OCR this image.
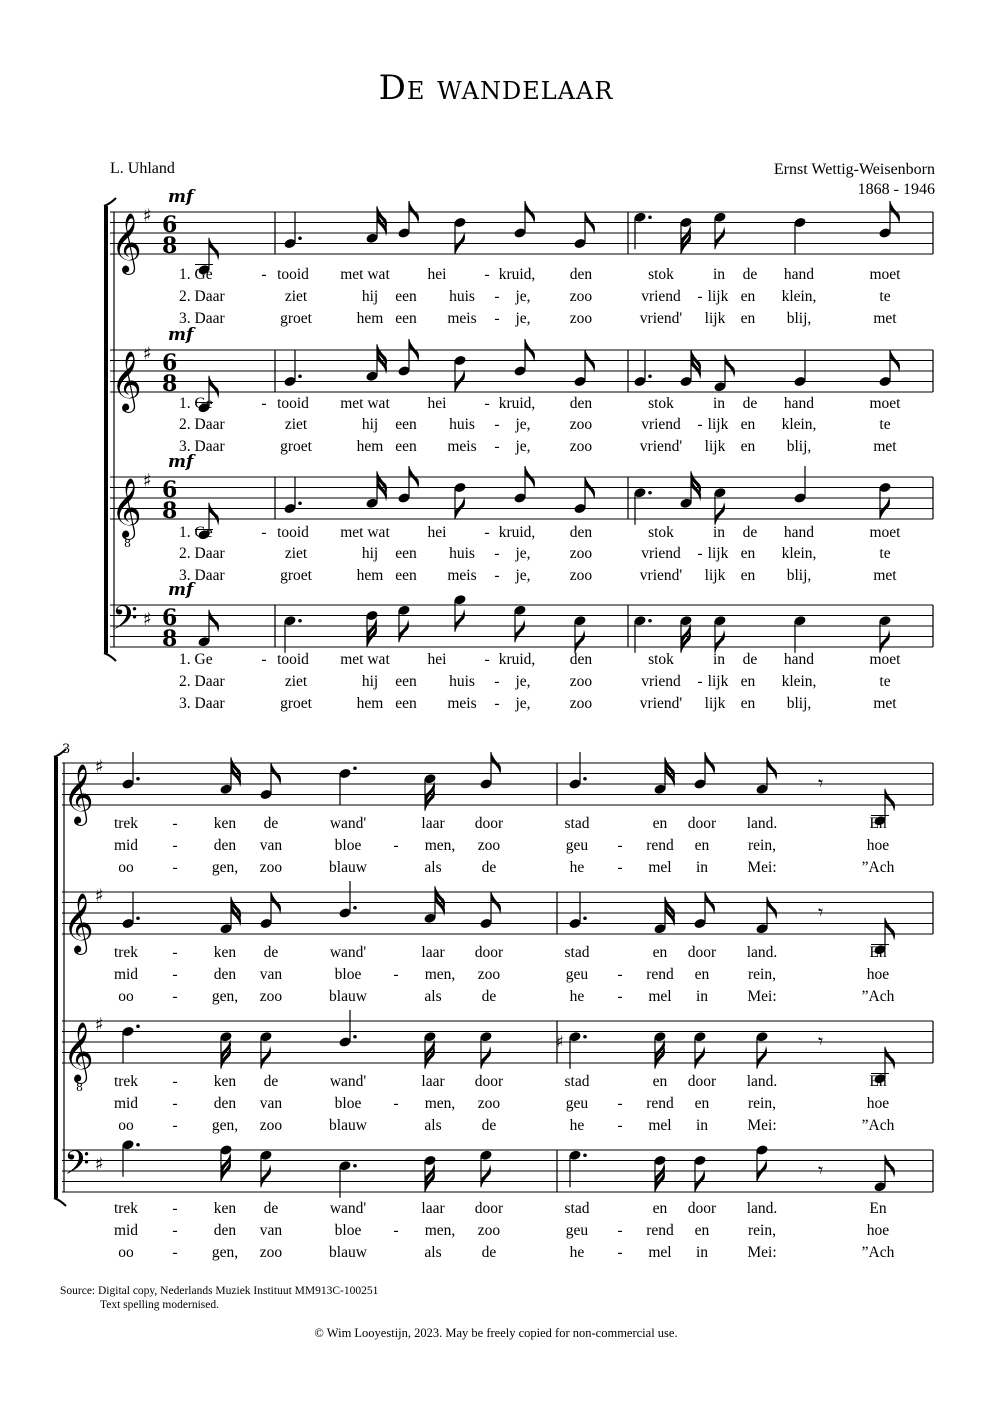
De wandelaar
L. Uhland	Ernst Wettig-Weisenborn
1868 - 1946
𝄞 ♯ 6
8
mf
𝄞 ♯ 6
8
mf
𝄞
8
♯ 6
8
mf
𝄢 ♯ 6
8
mf
𝄞 ♯
𝄞 ♯
𝄞
8
♯
𝄢 ♯
3
𝄾
𝄾
𝄾
𝄾
♯
1. Ge	- tooid met wat hei - kruid, den	stok	in de hand	moet
2. Daar	ziet	hij een huis - je,	zoo	vriend - lijk en klein,	te
3. Daar	groet	hem een meis - je,	zoo	vriend' lijk en blij,	met
trek - ken de	wand'	laar door	stad	en door land.	En
mid - den van	bloe - men, zoo	geu - rend en rein,	hoe
oo - gen, zoo	blauw	als	de	he - mel in	Mei:	”Ach
1. Ge	- tooid met wat hei - kruid, den	stok	in de hand	moet
2. Daar	ziet	hij een huis - je,	zoo	vriend - lijk en klein,	te
3. Daar	groet	hem een meis - je,	zoo	vriend' lijk en blij,	met
trek - ken de	wand'	laar door	stad	en door land.	En
mid - den van	bloe - men, zoo	geu - rend en rein,	hoe
oo - gen, zoo	blauw	als	de	he - mel in	Mei:	”Ach
1. Ge	- tooid met wat hei - kruid, den	stok	in de hand	moet
2. Daar	ziet	hij een huis - je,	zoo	vriend - lijk en klein,	te
3. Daar	groet	hem een meis - je,	zoo	vriend' lijk en blij,	met
trek - ken de	wand'	laar door	stad	en door land.	En
mid - den van	bloe - men, zoo	geu - rend en rein,	hoe
oo - gen, zoo	blauw	als	de	he - mel in	Mei:	”Ach
1. Ge	- tooid met wat hei - kruid, den	stok	in de hand	moet
2. Daar	ziet	hij een huis - je,	zoo	vriend - lijk en klein,	te
3. Daar	groet	hem een meis - je,	zoo	vriend' lijk en blij,	met
trek - ken de	wand'	laar door	stad	en door land.	En
mid - den van	bloe - men, zoo	geu - rend en rein,	hoe
oo - gen, zoo	blauw	als	de	he - mel in	Mei:	”Ach
Source: Digital copy, Nederlands Muziek Instituut MM913C-100251
Text spelling modernised.
© Wim Looyestijn, 2023. May be freely copied for non-commercial use.
